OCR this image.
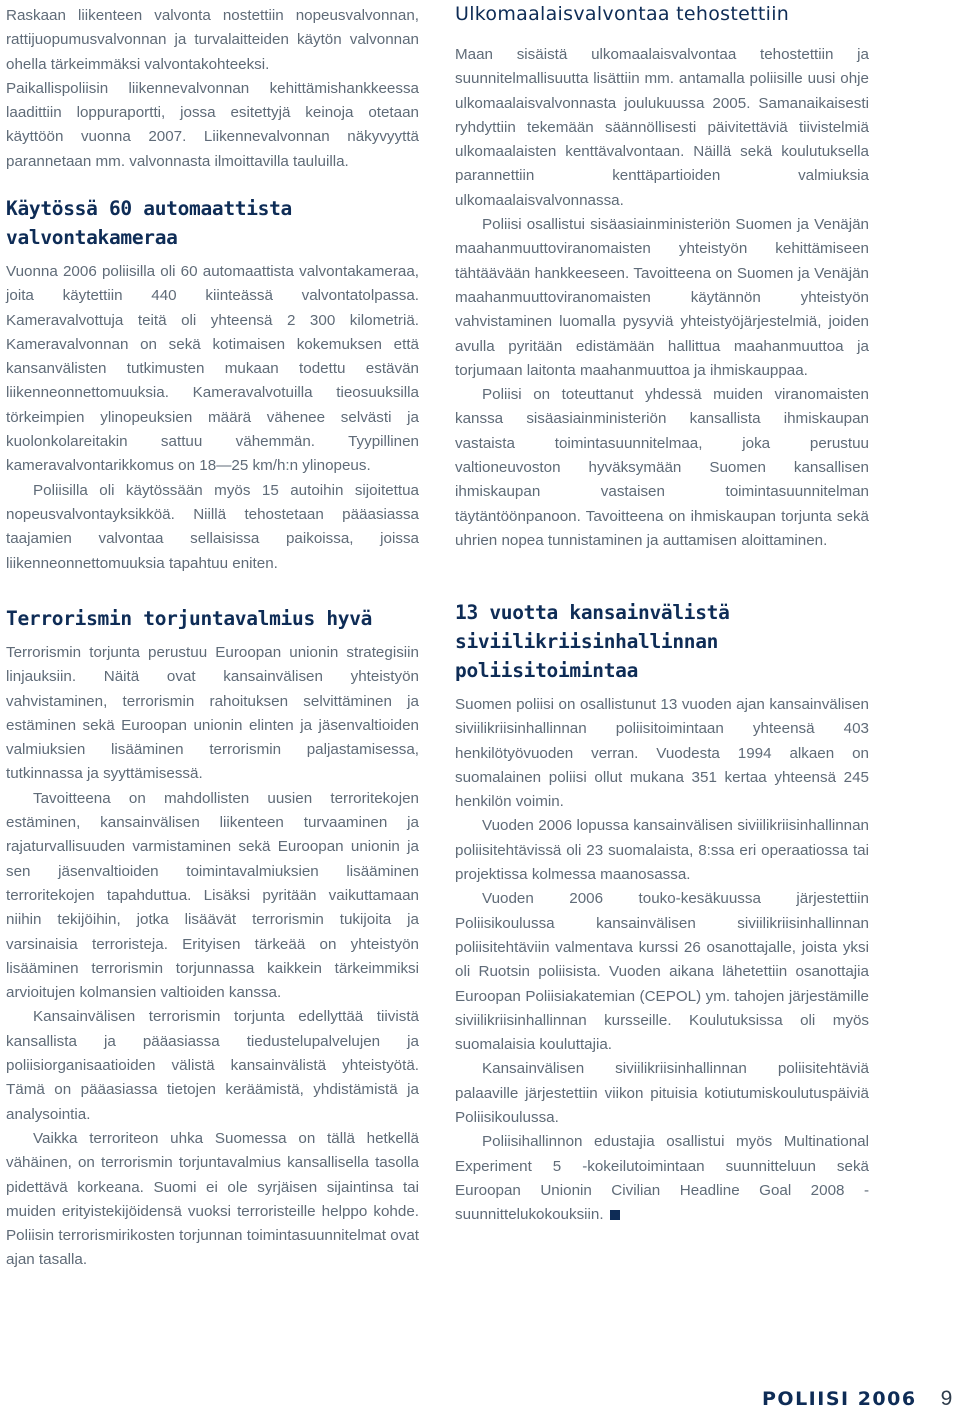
Raskaan liikenteen valvonta nostettiin nopeusvalvonnan, rattijuopumusvalvonnan ja turvalaitteiden käytön valvonnan ohella tärkeimmäksi valvontakohteeksi.

Paikallispoliisin liikennevalvonnan kehittämishankkeessa laadittiin loppuraportti, jossa esitettyjä keinoja otetaan käyttöön vuonna 2007. Liikennevalvonnan näkyvyyttä parannetaan mm. valvonnasta ilmoittavilla tauluilla.

Käytössä 60 automaattista valvontakameraa

Vuonna 2006 poliisilla oli 60 automaattista valvontakameraa, joita käytettiin 440 kiinteässä valvontatolpassa. Kameravalvottuja teitä oli yhteensä 2 300 kilometriä. Kameravalvonnan on sekä kotimaisen kokemuksen että kansanvälisten tutkimusten mukaan todettu estävän liikenneonnettomuuksia. Kameravalvotuilla tieosuuksilla törkeimpien ylinopeuksien määrä vähenee selvästi ja kuolonkolareitakin sattuu vähemmän. Tyypillinen kameravalvontarikkomus on 18—25 km/h:n ylinopeus.

Poliisilla oli käytössään myös 15 autoihin sijoitettua nopeusvalvontayksikköä. Niillä tehostetaan pääasiassa taajamien valvontaa sellaisissa paikoissa, joissa liikenneonnettomuuksia tapahtuu eniten.

Terrorismin torjuntavalmius hyvä

Terrorismin torjunta perustuu Euroopan unionin strategisiin linjauksiin. Näitä ovat kansainvälisen yhteistyön vahvistaminen, terrorismin rahoituksen selvittäminen ja estäminen sekä Euroopan unionin elinten ja jäsenvaltioiden valmiuksien lisääminen terrorismin paljastamisessa, tutkinnassa ja syyttämisessä.

Tavoitteena on mahdollisten uusien terroritekojen estäminen, kansainvälisen liikenteen turvaaminen ja rajaturvallisuuden varmistaminen sekä Euroopan unionin ja sen jäsenvaltioiden toimintavalmiuksien lisääminen terroritekojen tapahduttua. Lisäksi pyritään vaikuttamaan niihin tekijöihin, jotka lisäävät terrorismin tukijoita ja varsinaisia terroristeja. Erityisen tärkeää on yhteistyön lisääminen terrorismin torjunnassa kaikkein tärkeimmiksi arvioitujen kolmansien valtioiden kanssa.

Kansainvälisen terrorismin torjunta edellyttää tiivistä kansallista ja pääasiassa tiedustelupalvelujen ja poliisiorganisaatioiden välistä kansainvälistä yhteistyötä. Tämä on pääasiassa tietojen keräämistä, yhdistämistä ja analysointia.

Vaikka terroriteon uhka Suomessa on tällä hetkellä vähäinen, on terrorismin torjuntavalmius kansallisella tasolla pidettävä korkeana. Suomi ei ole syrjäisen sijaintinsa tai muiden erityistekijöidensä vuoksi terroristeille helppo kohde. Poliisin terrorismirikosten torjunnan toimintasuunnitelmat ovat ajan tasalla.

Ulkomaalaisvalvontaa tehostettiin

Maan sisäistä ulkomaalaisvalvontaa tehostettiin ja suunnitelmallisuutta lisättiin mm. antamalla poliisille uusi ohje ulkomaalaisvalvonnasta joulukuussa 2005. Samanaikaisesti ryhdyttiin tekemään säännöllisesti päivitettäviä tiivistelmiä ulkomaalaisten kenttävalvontaan. Näillä sekä koulutuksella parannettiin kenttäpartioiden valmiuksia ulkomaalaisvalvonnassa.

Poliisi osallistui sisäasiainministeriön Suomen ja Venäjän maahanmuuttoviranomaisten yhteistyön kehittämiseen tähtäävään hankkeeseen. Tavoitteena on Suomen ja Venäjän maahanmuuttoviranomaisten käytännön yhteistyön vahvistaminen luomalla pysyviä yhteistyöjärjestelmiä, joiden avulla pyritään edistämään hallittua maahanmuuttoa ja torjumaan laitonta maahanmuuttoa ja ihmiskauppaa.

Poliisi on toteuttanut yhdessä muiden viranomaisten kanssa sisäasiainministeriön kansallista ihmiskaupan vastaista toimintasuunnitelmaa, joka perustuu valtioneuvoston hyväksymään Suomen kansallisen ihmiskaupan vastaisen toimintasuunnitelman täytäntöönpanoon. Tavoitteena on ihmiskaupan torjunta sekä uhrien nopea tunnistaminen ja auttamisen aloittaminen.

13 vuotta kansainvälistä siviilikriisinhallinnan poliisitoimintaa

Suomen poliisi on osallistunut 13 vuoden ajan kansainvälisen siviilikriisinhallinnan poliisitoimintaan yhteensä 403 henkilötyövuoden verran. Vuodesta 1994 alkaen on suomalainen poliisi ollut mukana 351 kertaa yhteensä 245 henkilön voimin.

Vuoden 2006 lopussa kansainvälisen siviilikriisinhallinnan poliisitehtävissä oli 23 suomalaista, 8:ssa eri operaatiossa tai projektissa kolmessa maanosassa.

Vuoden 2006 touko-kesäkuussa järjestettiin Poliisikoulussa kansainvälisen siviilikriisinhallinnan poliisitehtäviin valmentava kurssi 26 osanottajalle, joista yksi oli Ruotsin poliisista. Vuoden aikana lähetettiin osanottajia Euroopan Poliisiakatemian (CEPOL) ym. tahojen järjestämille siviilikriisinhallinnan kursseille. Koulutuksissa oli myös suomalaisia kouluttajia.

Kansainvälisen siviilikriisinhallinnan poliisitehtäviä palaaville järjestettiin viikon pituisia kotiutumiskoulutuspäiviä Poliisikoulussa.

Poliisihallinnon edustajia osallistui myös Multinational Experiment 5 -kokeilutoimintaan suunnitteluun sekä Euroopan Unionin Civilian Headline Goal 2008 -suunnittelukokouksiin.

POLIISI 2006 9
